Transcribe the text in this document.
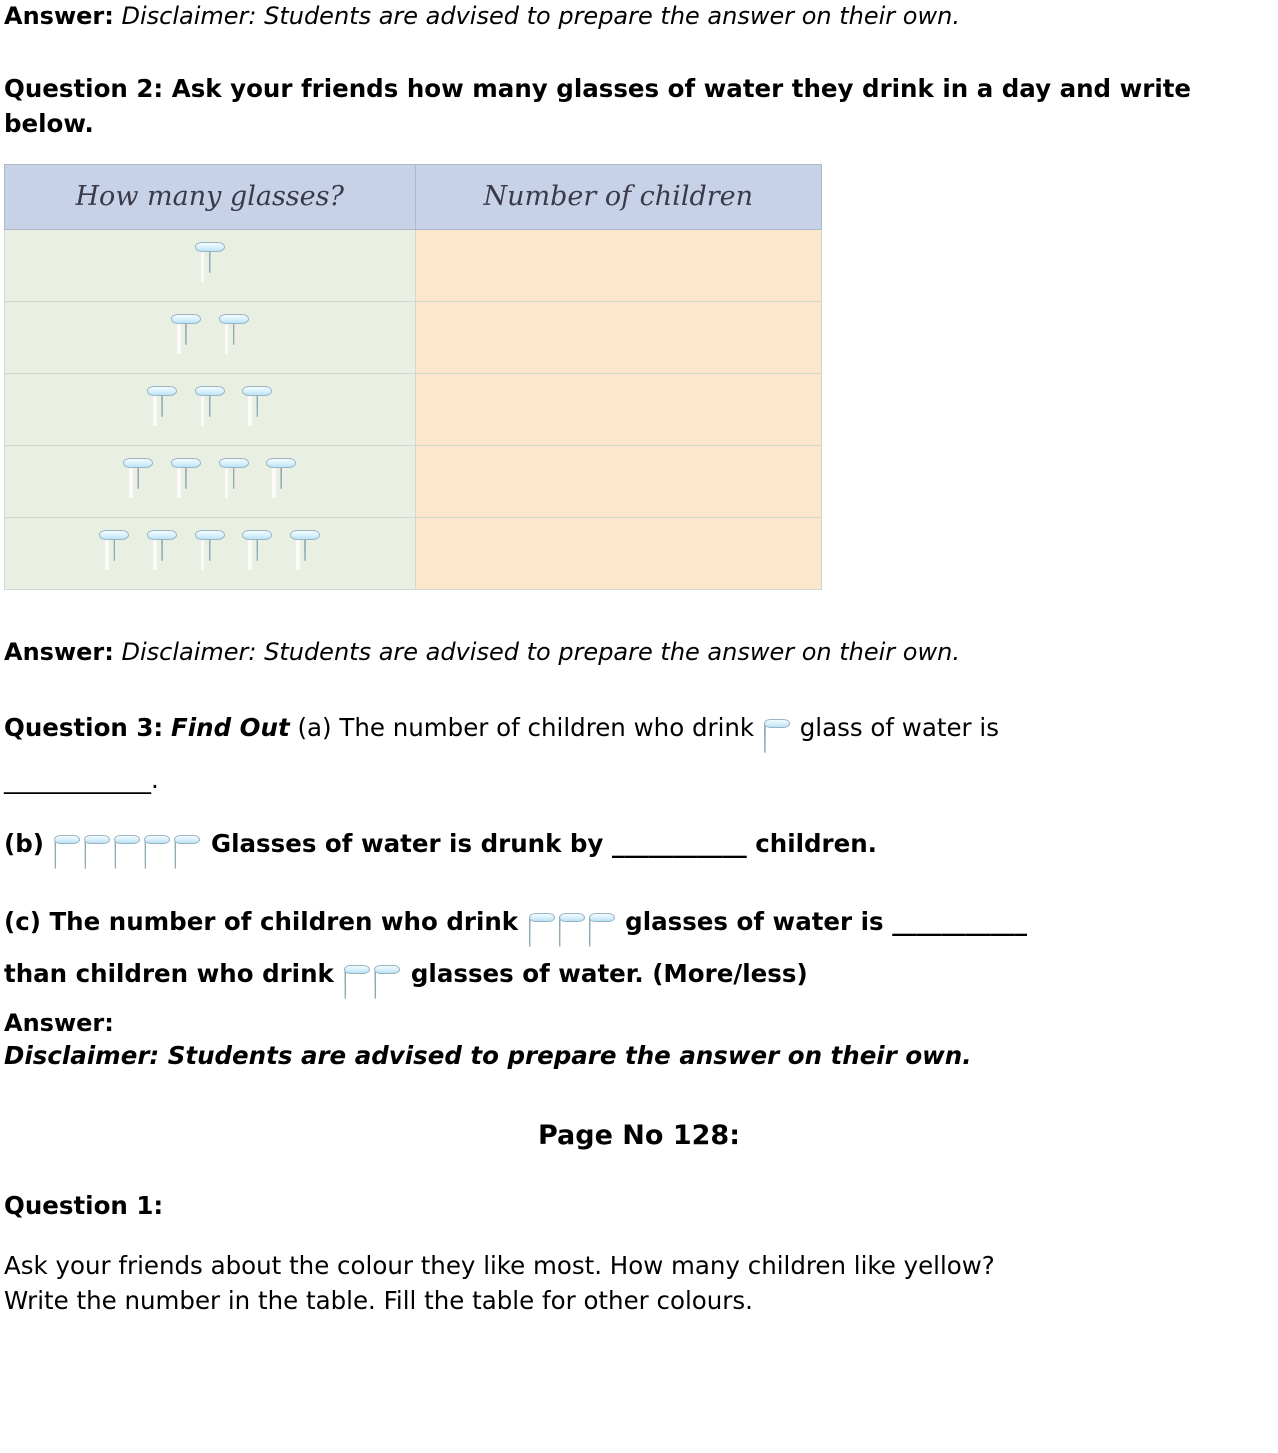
Answer: Disclaimer: Students are advised to prepare the answer on their own.

Question 2: Ask your friends how many glasses of water they drink in a day and write below.

How many glasses?	Number of children

Answer: Disclaimer: Students are advised to prepare the answer on their own.

Question 3: Find Out (a) The number of children who drink glass of water is
____________.

(b)	Glasses of water is drunk by ___________ children.

(c) The number of children who drink	glasses of water is ___________
than children who drink	glasses of water. (More/less)

Answer:

Disclaimer: Students are advised to prepare the answer on their own.

Page No 128:

Question 1:

Ask your friends about the colour they like most. How many children like yellow?

Write the number in the table. Fill the table for other colours.
